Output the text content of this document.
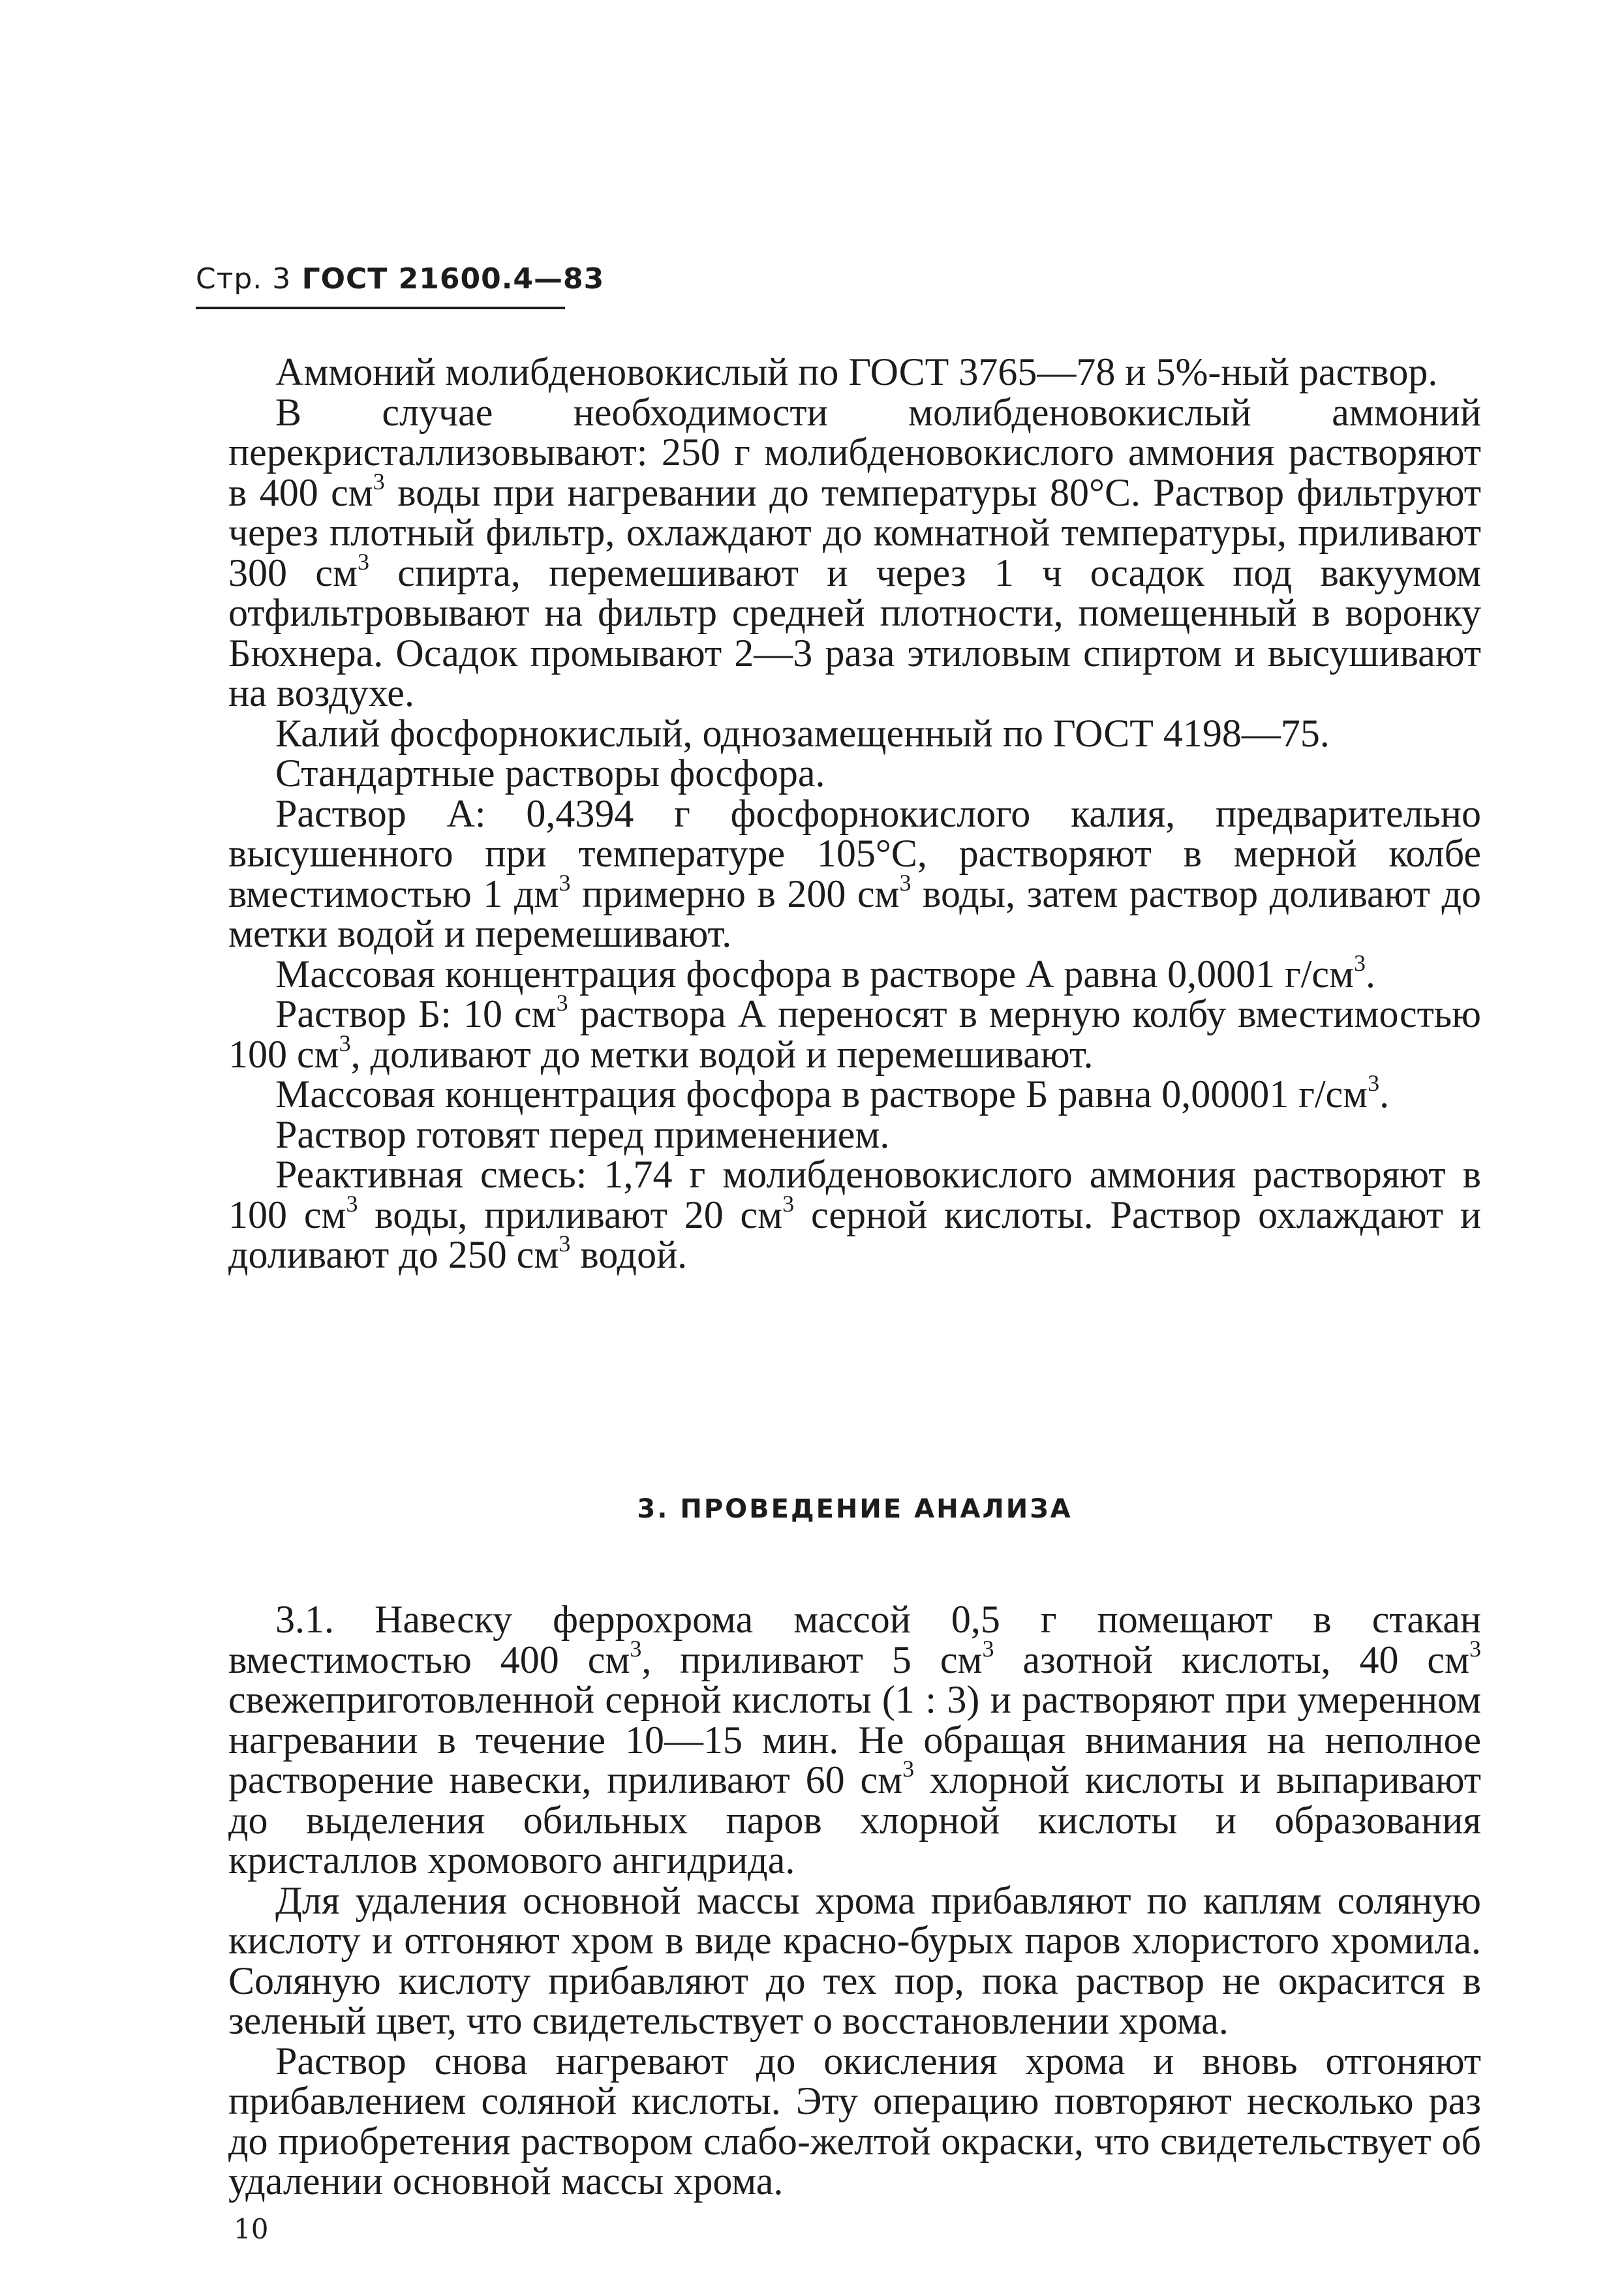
Стр. 3 ГОСТ 21600.4—83

Аммоний молибденовокислый по ГОСТ 3765—78 и 5%-ный раствор.

В случае необходимости молибденовокислый аммоний перекристаллизовывают: 250 г молибденовокислого аммония растворяют в 400 $см^3$ воды при нагревании до температуры 80°С. Раствор фильтруют через плотный фильтр, охлаждают до комнатной температуры, приливают 300 $см^3$ спирта, перемешивают и через 1 ч осадок под вакуумом отфильтровывают на фильтр средней плотности, помещенный в воронку Бюхнера. Осадок промывают 2—3 раза этиловым спиртом и высушивают на воздухе.

Калий фосфорнокислый, однозамещенный по ГОСТ 4198—75.

Стандартные растворы фосфора.

Раствор А: 0,4394 г фосфорнокислого калия, предварительно высушенного при температуре 105°С, растворяют в мерной колбе вместимостью 1 $дм^3$ примерно в 200 $см^3$ воды, затем раствор доливают до метки водой и перемешивают.

Массовая концентрация фосфора в растворе А равна 0,0001 $г/см^3$.

Раствор Б: 10 $см^3$ раствора А переносят в мерную колбу вместимостью 100 $см^3$, доливают до метки водой и перемешивают.

Массовая концентрация фосфора в растворе Б равна 0,00001 $г/см^3$.

Раствор готовят перед применением.

Реактивная смесь: 1,74 г молибденовокислого аммония растворяют в 100 $см^3$ воды, приливают 20 $см^3$ серной кислоты. Раствор охлаждают и доливают до 250 $см^3$ водой.

3. ПРОВЕДЕНИЕ АНАЛИЗА

3.1. Навеску феррохрома массой 0,5 г помещают в стакан вместимостью 400 $см^3$, приливают 5 $см^3$ азотной кислоты, 40 $см^3$ свежеприготовленной серной кислоты (1 : 3) и растворяют при умеренном нагревании в течение 10—15 мин. Не обращая внимания на неполное растворение навески, приливают 60 $см^3$ хлорной кислоты и выпаривают до выделения обильных паров хлорной кислоты и образования кристаллов хромового ангидрида.

Для удаления основной массы хрома прибавляют по каплям соляную кислоту и отгоняют хром в виде красно-бурых паров хлористого хромила. Соляную кислоту прибавляют до тех пор, пока раствор не окрасится в зеленый цвет, что свидетельствует о восстановлении хрома.

Раствор снова нагревают до окисления хрома и вновь отгоняют прибавлением соляной кислоты. Эту операцию повторяют несколько раз до приобретения раствором слабо-желтой окраски, что свидетельствует об удалении основной массы хрома.

10
